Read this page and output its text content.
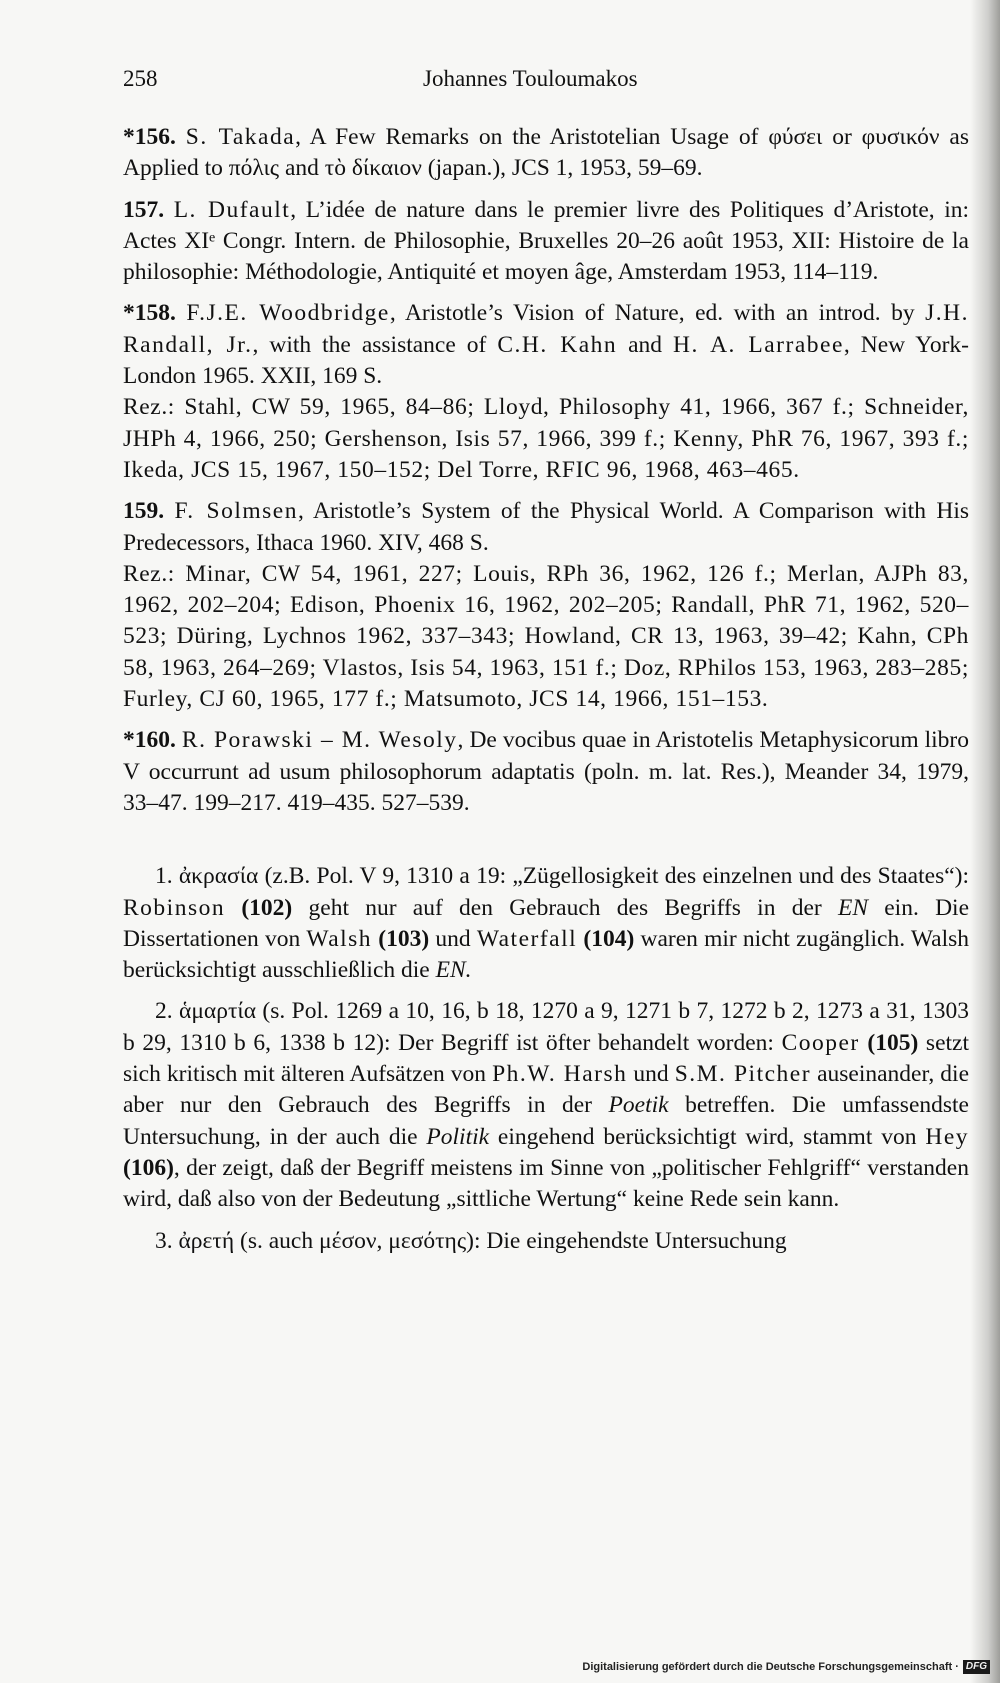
258	Johannes Touloumakos

*156. S. Takada, A Few Remarks on the Aristotelian Usage of φύσει or φυσικόν as Applied to πόλις and τὸ δίκαιον (japan.), JCS 1, 1953, 59–69.

157. L. Dufault, L’idée de nature dans le premier livre des Politiques d’Aristote, in: Actes XIᵉ Congr. Intern. de Philosophie, Bruxelles 20–26 août 1953, XII: Histoire de la philosophie: Méthodologie, Antiquité et moyen âge, Amsterdam 1953, 114–119.

*158. F.J.E. Woodbridge, Aristotle’s Vision of Nature, ed. with an introd. by J.H. Randall, Jr., with the assistance of C.H. Kahn and H. A. Larrabee, New York-London 1965. XXII, 169 S.

Rez.: Stahl, CW 59, 1965, 84–86; Lloyd, Philosophy 41, 1966, 367 f.; Schneider, JHPh 4, 1966, 250; Gershenson, Isis 57, 1966, 399 f.; Kenny, PhR 76, 1967, 393 f.; Ikeda, JCS 15, 1967, 150–152; Del Torre, RFIC 96, 1968, 463–465.

159. F. Solmsen, Aristotle’s System of the Physical World. A Comparison with His Predecessors, Ithaca 1960. XIV, 468 S.

Rez.: Minar, CW 54, 1961, 227; Louis, RPh 36, 1962, 126 f.; Merlan, AJPh 83, 1962, 202–204; Edison, Phoenix 16, 1962, 202–205; Randall, PhR 71, 1962, 520–523; Düring, Lychnos 1962, 337–343; Howland, CR 13, 1963, 39–42; Kahn, CPh 58, 1963, 264–269; Vlastos, Isis 54, 1963, 151 f.; Doz, RPhilos 153, 1963, 283–285; Furley, CJ 60, 1965, 177 f.; Matsumoto, JCS 14, 1966, 151–153.

*160. R. Porawski – M. Wesoly, De vocibus quae in Aristotelis Metaphysicorum libro V occurrunt ad usum philosophorum adaptatis (poln. m. lat. Res.), Meander 34, 1979, 33–47. 199–217. 419–435. 527–539.

1. ἀκρασία (z.B. Pol. V 9, 1310 a 19: „Zügellosigkeit des einzelnen und des Staates“): Robinson (102) geht nur auf den Gebrauch des Begriffs in der EN ein. Die Dissertationen von Walsh (103) und Waterfall (104) waren mir nicht zugänglich. Walsh berücksichtigt ausschließlich die EN.

2. ἁμαρτία (s. Pol. 1269 a 10, 16, b 18, 1270 a 9, 1271 b 7, 1272 b 2, 1273 a 31, 1303 b 29, 1310 b 6, 1338 b 12): Der Begriff ist öfter behandelt worden: Cooper (105) setzt sich kritisch mit älteren Aufsätzen von Ph.W. Harsh und S.M. Pitcher auseinander, die aber nur den Gebrauch des Begriffs in der Poetik betreffen. Die umfassendste Untersuchung, in der auch die Politik eingehend berücksichtigt wird, stammt von Hey (106), der zeigt, daß der Begriff meistens im Sinne von „politischer Fehlgriff“ verstanden wird, daß also von der Bedeutung „sittliche Wertung“ keine Rede sein kann.

3. ἀρετή (s. auch μέσον, μεσότης): Die eingehendste Untersuchung

Digitalisierung gefördert durch die Deutsche Forschungsgemeinschaft · DFG
